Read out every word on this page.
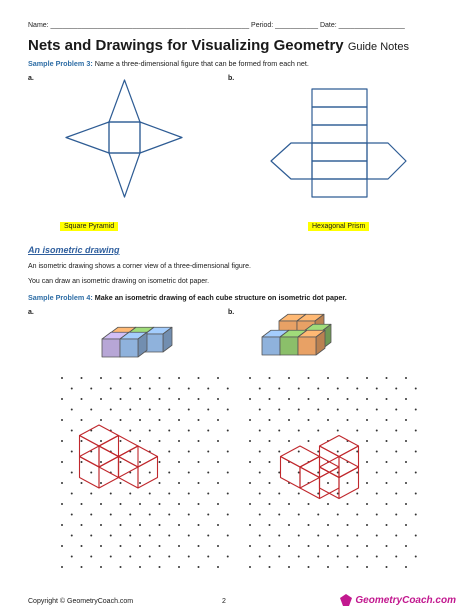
Name: ___________________________________________________ Period: ___________ Date: _________________
Nets and Drawings for Visualizing Geometry Guide Notes
Sample Problem 3: Name a three-dimensional figure that can be formed from each net.
a.	b.
Square Pyramid	Hexagonal Prism
An isometric drawing
An isometric drawing shows a corner view of a three-dimensional figure.
You can draw an isometric drawing on isometric dot paper.
Sample Problem 4: Make an isometric drawing of each cube structure on isometric dot paper.
a.	b.
Copyright © GeometryCoach.com	2	GeometryCoach.com
